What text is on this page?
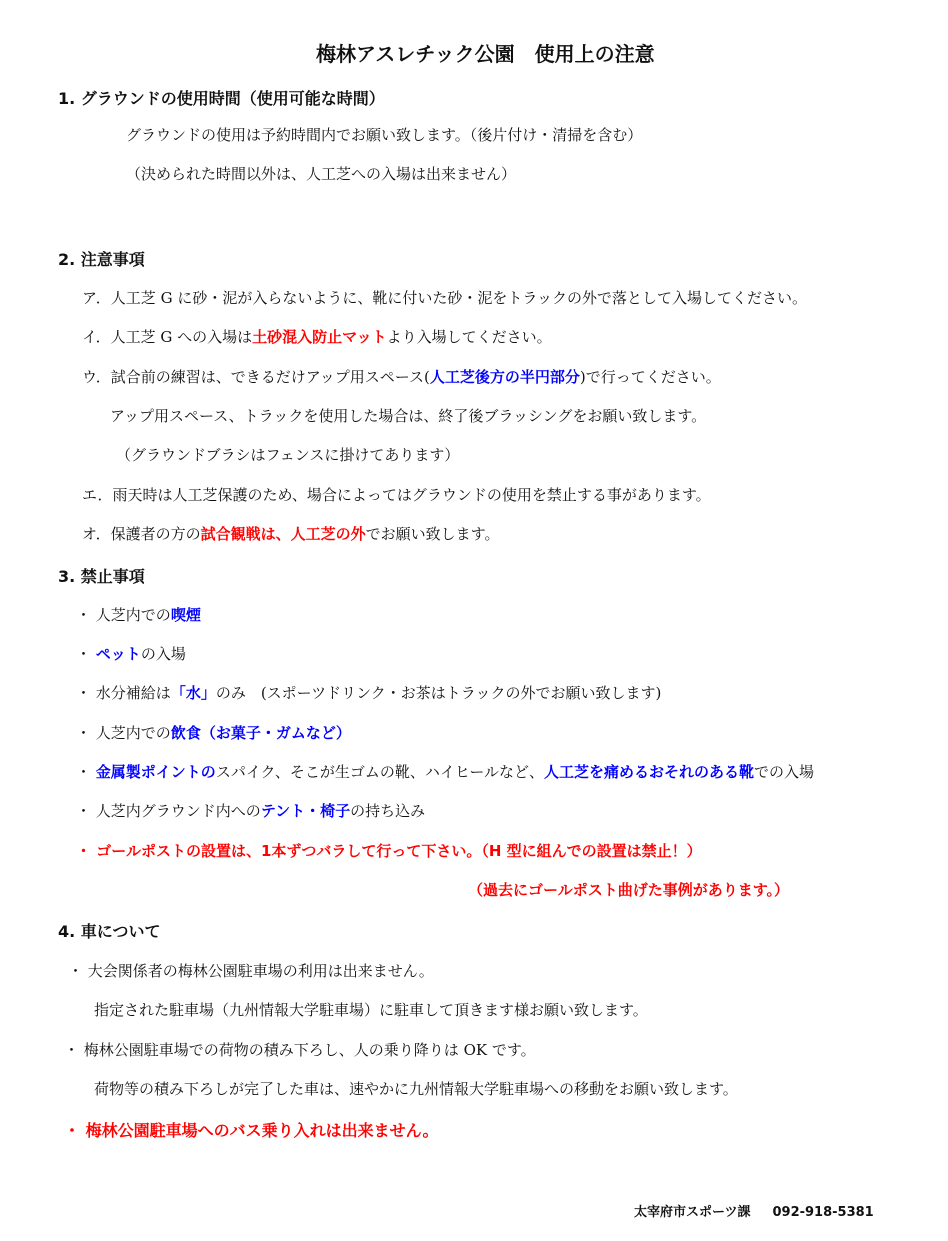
梅林アスレチック公園　使用上の注意
1. グラウンドの使用時間（使用可能な時間）
グラウンドの使用は予約時間内でお願い致します。（後片付け・清掃を含む）
（決められた時間以外は、人工芝への入場は出来ません）
2. 注意事項
ア．人工芝 G に砂・泥が入らないように、靴に付いた砂・泥をトラックの外で落として入場してください。
イ．人工芝 G への入場は土砂混入防止マットより入場してください。
ウ．試合前の練習は、できるだけアップ用スペース(人工芝後方の半円部分)で行ってください。
アップ用スペース、トラックを使用した場合は、終了後ブラッシングをお願い致します。
（グラウンドブラシはフェンスに掛けてあります）
エ．雨天時は人工芝保護のため、場合によってはグラウンドの使用を禁止する事があります。
オ．保護者の方の試合観戦は、人工芝の外でお願い致します。
3. 禁止事項
・ 人芝内での喫煙
・ ペットの入場
・ 水分補給は「水」のみ　(スポーツドリンク・お茶はトラックの外でお願い致します)
・ 人芝内での飲食（お菓子・ガムなど）
・ 金属製ポイントのスパイク、そこが生ゴムの靴、ハイヒールなど、人工芝を痛めるおそれのある靴での入場
・ 人芝内グラウンド内へのテント・椅子の持ち込み
・ ゴールポストの設置は、1本ずつバラして行って下さい。（H 型に組んでの設置は禁止！）
（過去にゴールポスト曲げた事例があります。）
4. 車について
・ 大会関係者の梅林公園駐車場の利用は出来ません。
指定された駐車場（九州情報大学駐車場）に駐車して頂きます様お願い致します。
・ 梅林公園駐車場での荷物の積み下ろし、人の乗り降りは OK です。
荷物等の積み下ろしが完了した車は、速やかに九州情報大学駐車場への移動をお願い致します。
・ 梅林公園駐車場へのバス乗り入れは出来ません。
太宰府市スポーツ課 092-918-5381
